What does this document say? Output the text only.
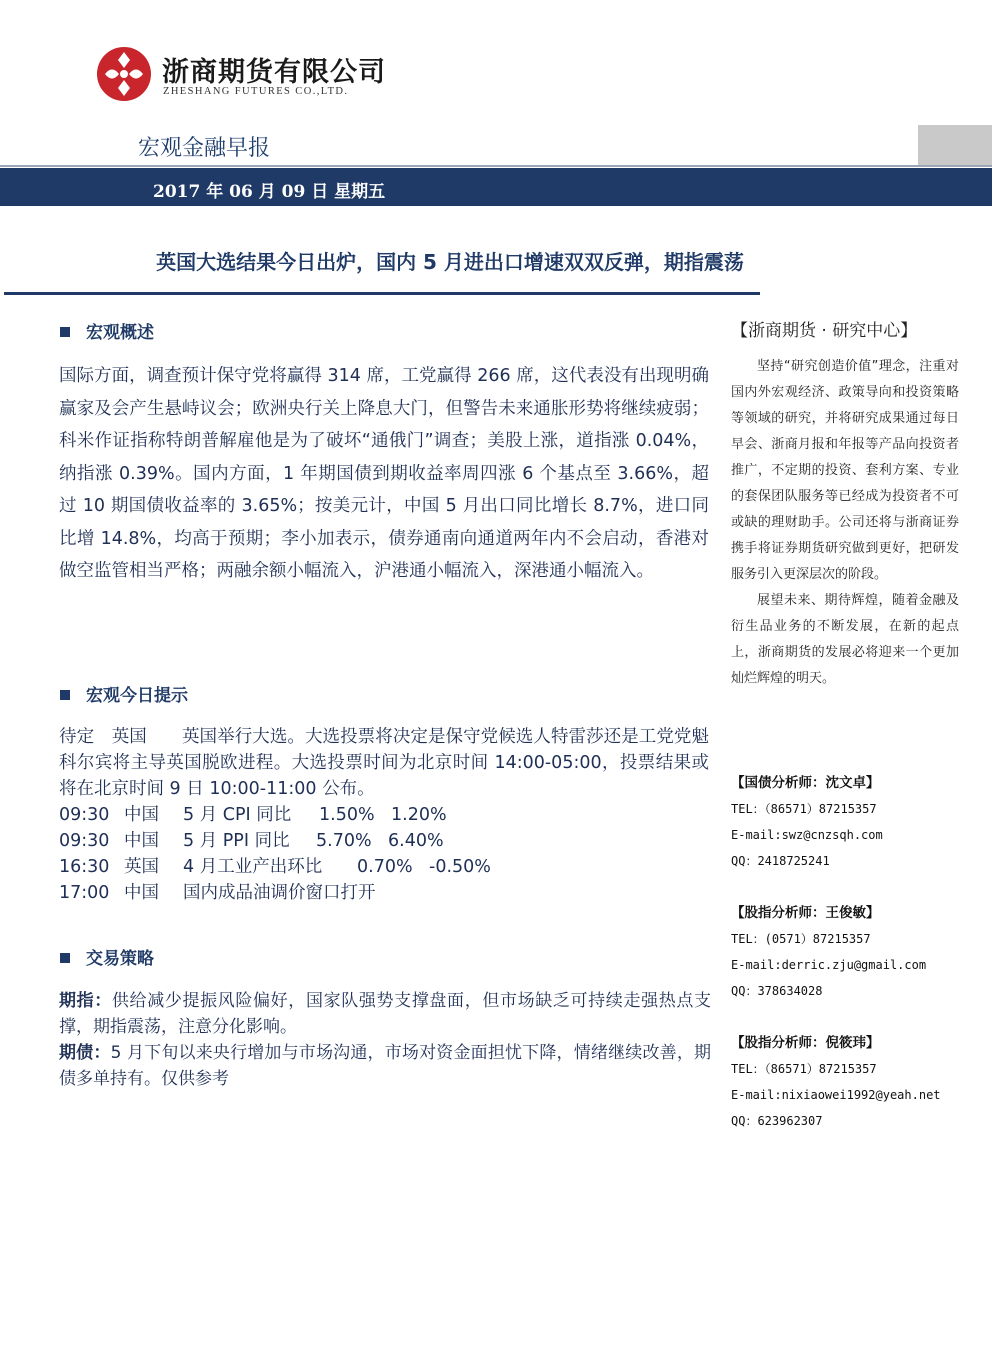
浙商期货有限公司
ZHESHANG FUTURES CO.,LTD.
宏观金融早报
2017 年 06 月 09 日 星期五
英国大选结果今日出炉，国内 5 月进出口增速双双反弹，期指震荡
宏观概述
国际方面，调查预计保守党将赢得 314 席，工党赢得 266 席，这代表没有出现明确赢家及会产生悬峙议会；欧洲央行关上降息大门，但警告未来通胀形势将继续疲弱；科米作证指称特朗普解雇他是为了破坏“通俄门”调查；美股上涨，道指涨 0.04%，纳指涨 0.39%。国内方面，1 年期国债到期收益率周四涨 6 个基点至 3.66%，超过 10 期国债收益率的 3.65%；按美元计，中国 5 月出口同比增长 8.7%，进口同比增 14.8%，均高于预期；李小加表示，债券通南向通道两年内不会启动，香港对做空监管相当严格；两融余额小幅流入，沪港通小幅流入，深港通小幅流入。
宏观今日提示
待定　英国　　英国举行大选。大选投票将决定是保守党候选人特雷莎还是工党党魁科尔宾将主导英国脱欧进程。大选投票时间为北京时间 14:00-05:00，投票结果或将在北京时间 9 日 10:00-11:00 公布。
09:30 中国 5 月 CPI 同比 1.50% 1.20%
09:30 中国 5 月 PPI 同比 5.70% 6.40%
16:30 英国 4 月工业产出环比 0.70% -0.50%
17:00 中国 国内成品油调价窗口打开
交易策略
期指：供给减少提振风险偏好，国家队强势支撑盘面，但市场缺乏可持续走强热点支撑，期指震荡，注意分化影响。
期债：5 月下旬以来央行增加与市场沟通，市场对资金面担忧下降，情绪继续改善，期债多单持有。仅供参考
【浙商期货 · 研究中心】

坚持“研究创造价值”理念，注重对国内外宏观经济、政策导向和投资策略等领域的研究，并将研究成果通过每日早会、浙商月报和年报等产品向投资者推广，不定期的投资、套利方案、专业的套保团队服务等已经成为投资者不可或缺的理财助手。公司还将与浙商证券携手将证券期货研究做到更好，把研发服务引入更深层次的阶段。

展望未来、期待辉煌，随着金融及衍生品业务的不断发展，在新的起点上，浙商期货的发展必将迎来一个更加灿烂辉煌的明天。

【国债分析师：沈文卓】
TEL：（86571）87215357
E-mail:swz@cnzsqh.com
QQ：2418725241
【股指分析师：王俊敏】
TEL：(0571）87215357
E-mail:derric.zju@gmail.com
QQ：378634028
【股指分析师：倪筱玮】
TEL：（86571）87215357
E-mail:nixiaowei1992@yeah.net
QQ：623962307
